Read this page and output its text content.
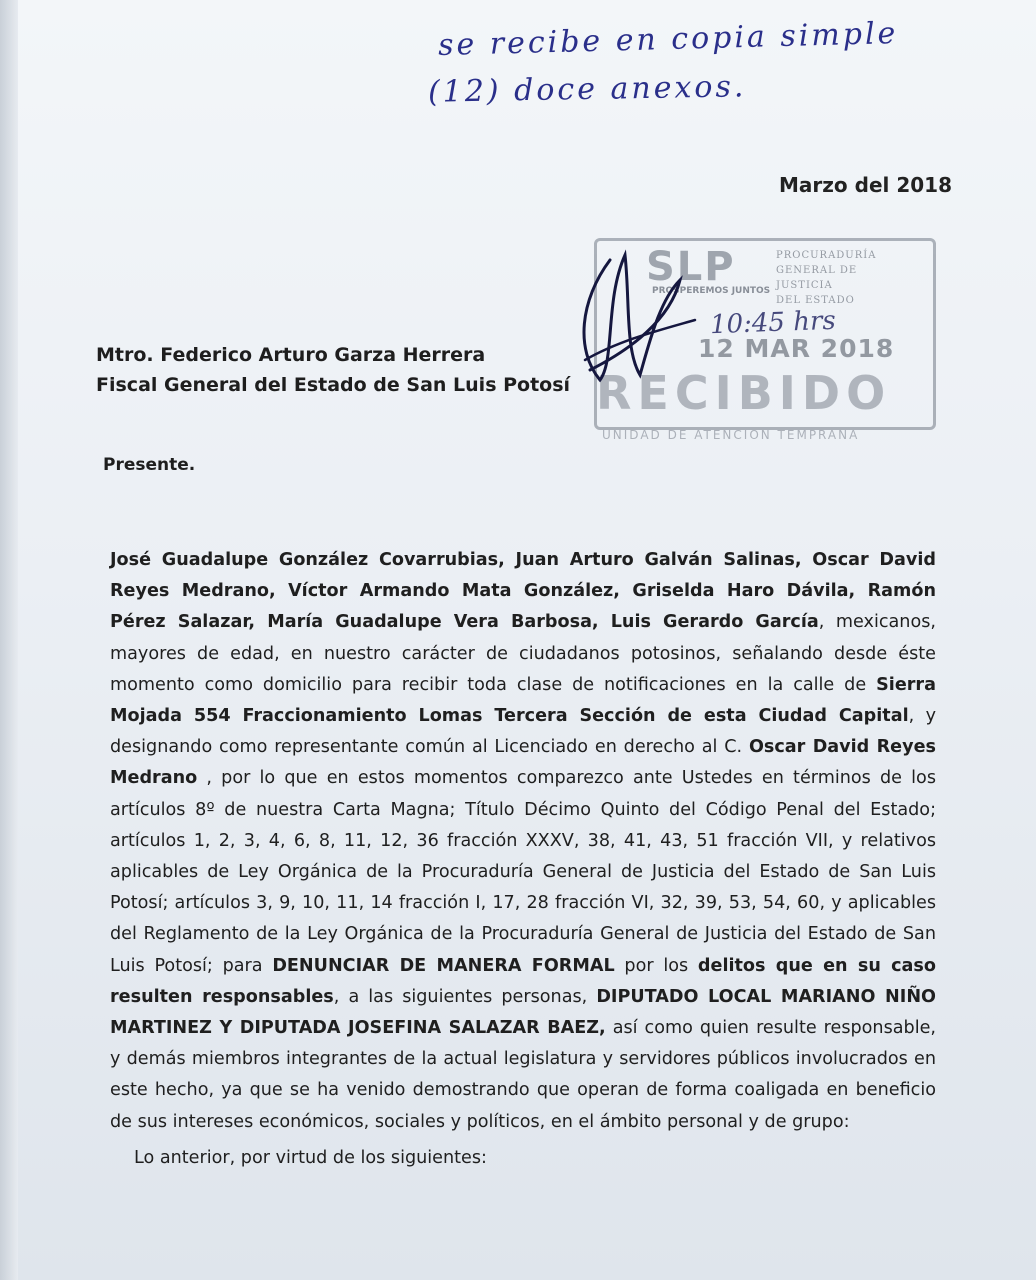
se recibe en copia simple
(12) doce anexos.
Marzo del 2018
SLP
PROSPEREMOS JUNTOS
PROCURADURÍA
GENERAL DE JUSTICIA
DEL ESTADO
10:45 hrs
12 MAR 2018
RECIBIDO
UNIDAD DE ATENCIÓN TEMPRANA
Mtro. Federico Arturo Garza Herrera
Fiscal General del Estado de San Luis Potosí
Presente.
José Guadalupe González Covarrubias, Juan Arturo Galván Salinas, Oscar David Reyes Medrano, Víctor Armando Mata González, Griselda Haro Dávila, Ramón Pérez Salazar, María Guadalupe Vera Barbosa, Luis Gerardo García, mexicanos, mayores de edad, en nuestro carácter de ciudadanos potosinos, señalando desde éste momento como domicilio para recibir toda clase de notificaciones en la calle de Sierra Mojada 554 Fraccionamiento Lomas Tercera Sección de esta Ciudad Capital, y designando como representante común al Licenciado en derecho al C. Oscar David Reyes Medrano , por lo que en estos momentos comparezco ante Ustedes en términos de los artículos 8º de nuestra Carta Magna; Título Décimo Quinto del Código Penal del Estado; artículos 1, 2, 3, 4, 6, 8, 11, 12, 36 fracción XXXV, 38, 41, 43, 51 fracción VII, y relativos aplicables de Ley Orgánica de la Procuraduría General de Justicia del Estado de San Luis Potosí; artículos 3, 9, 10, 11, 14 fracción I, 17, 28 fracción VI, 32, 39, 53, 54, 60, y aplicables del Reglamento de la Ley Orgánica de la Procuraduría General de Justicia del Estado de San Luis Potosí; para DENUNCIAR DE MANERA FORMAL por los delitos que en su caso resulten responsables, a las siguientes personas, DIPUTADO LOCAL MARIANO NIÑO MARTINEZ Y DIPUTADA JOSEFINA SALAZAR BAEZ, así como quien resulte responsable, y demás miembros integrantes de la actual legislatura y servidores públicos involucrados en este hecho, ya que se ha venido demostrando que operan de forma coaligada en beneficio de sus intereses económicos, sociales y políticos, en el ámbito personal y de grupo:
Lo anterior, por virtud de los siguientes:
